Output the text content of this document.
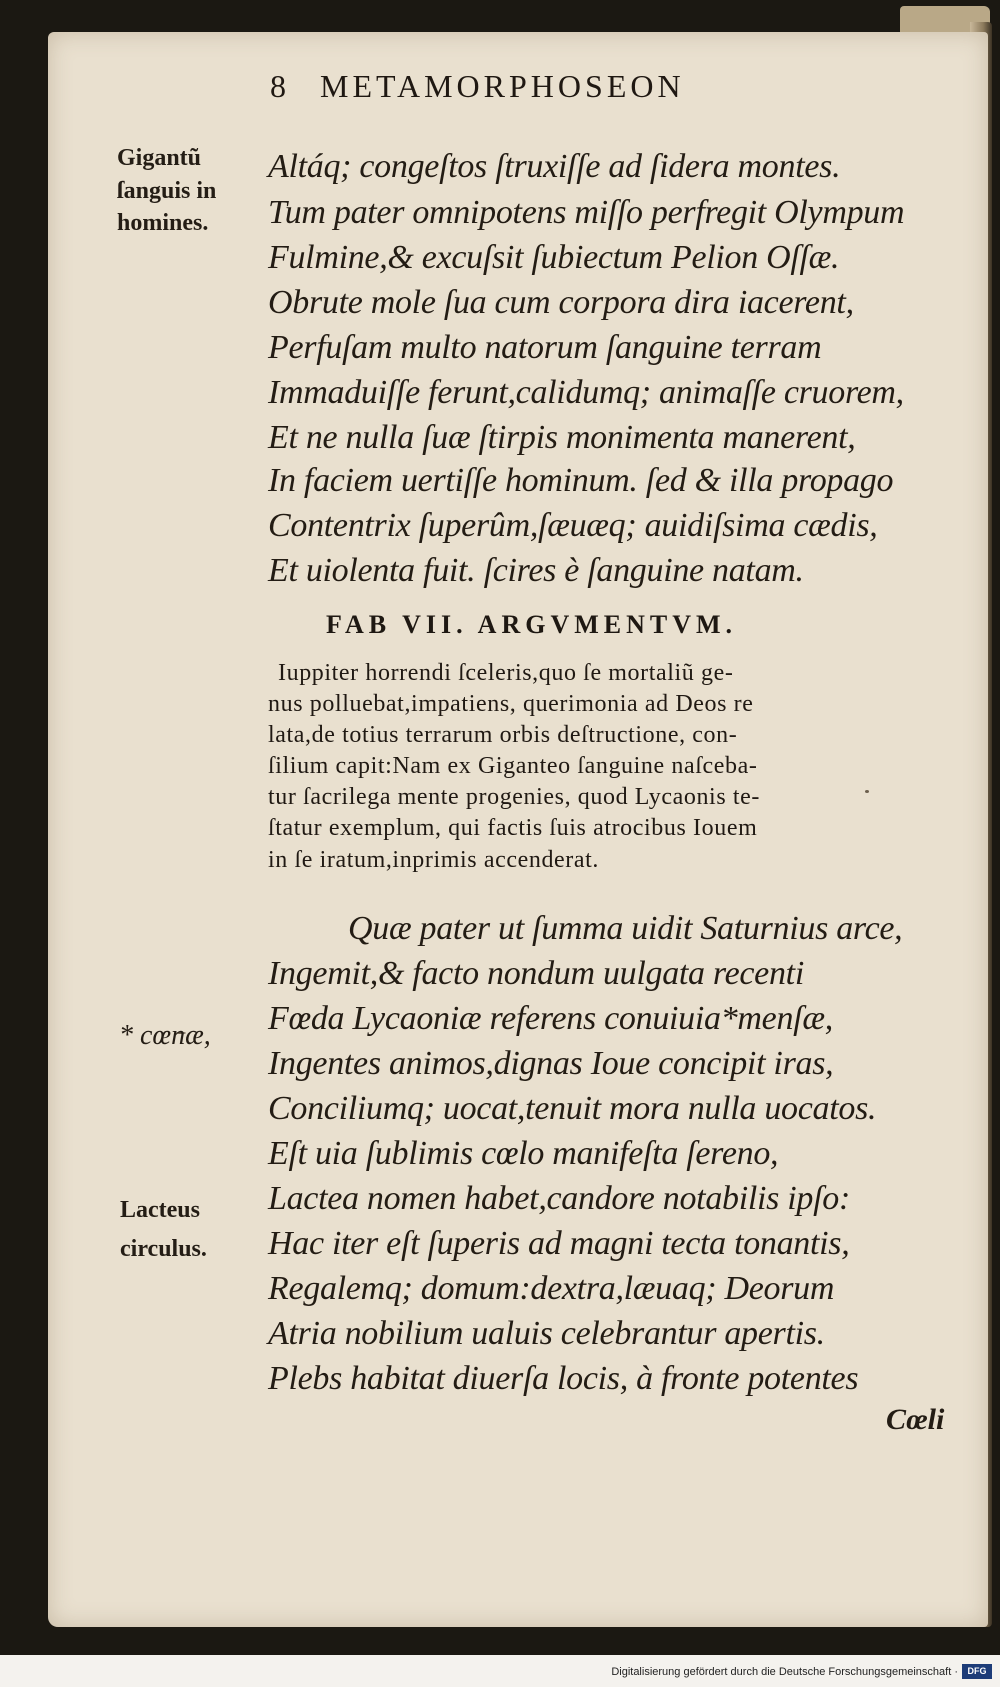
8 METAMORPHOSEON
Gigantũ
ſanguis in
homines.
* cœnæ,
Lacteus
circulus.
Altáq; congeſtos ſtruxiſſe ad ſidera montes.
Tum pater omnipotens miſſo perfregit Olympum
Fulmine,& excuſsit ſubiectum Pelion Oſſæ.
Obrute mole ſua cum corpora dira iacerent,
Perfuſam multo natorum ſanguine terram
Immaduiſſe ferunt,calidumq; animaſſe cruorem,
Et ne nulla ſuæ ſtirpis monimenta manerent,
In faciem uertiſſe hominum. ſed & illa propago
Contentrix ſuperûm,ſæuæq; auidiſsima cædis,
Et uiolenta fuit. ſcires è ſanguine natam.
FAB VII. ARGVMENTVM.
Iuppiter horrendi ſceleris,quo ſe mortaliũ ge-
nus polluebat,impatiens, querimonia ad Deos re
lata,de totius terrarum orbis deſtructione, con-
ſilium capit:Nam ex Giganteo ſanguine naſceba-
tur ſacrilega mente progenies, quod Lycaonis te-
ſtatur exemplum, qui factis ſuis atrocibus Iouem
in ſe iratum,inprimis accenderat.
Quæ pater ut ſumma uidit Saturnius arce,
Ingemit,& facto nondum uulgata recenti
Fœda Lycaoniæ referens conuiuia*menſæ,
Ingentes animos,dignas Ioue concipit iras,
Conciliumq; uocat,tenuit mora nulla uocatos.
Eſt uia ſublimis cœlo manifeſta ſereno,
Lactea nomen habet,candore notabilis ipſo:
Hac iter eſt ſuperis ad magni tecta tonantis,
Regalemq; domum:dextra,læuaq; Deorum
Atria nobilium ualuis celebrantur apertis.
Plebs habitat diuerſa locis, à fronte potentes
Cœli
Digitalisierung gefördert durch die Deutsche Forschungsgemeinschaft ·	DFG
